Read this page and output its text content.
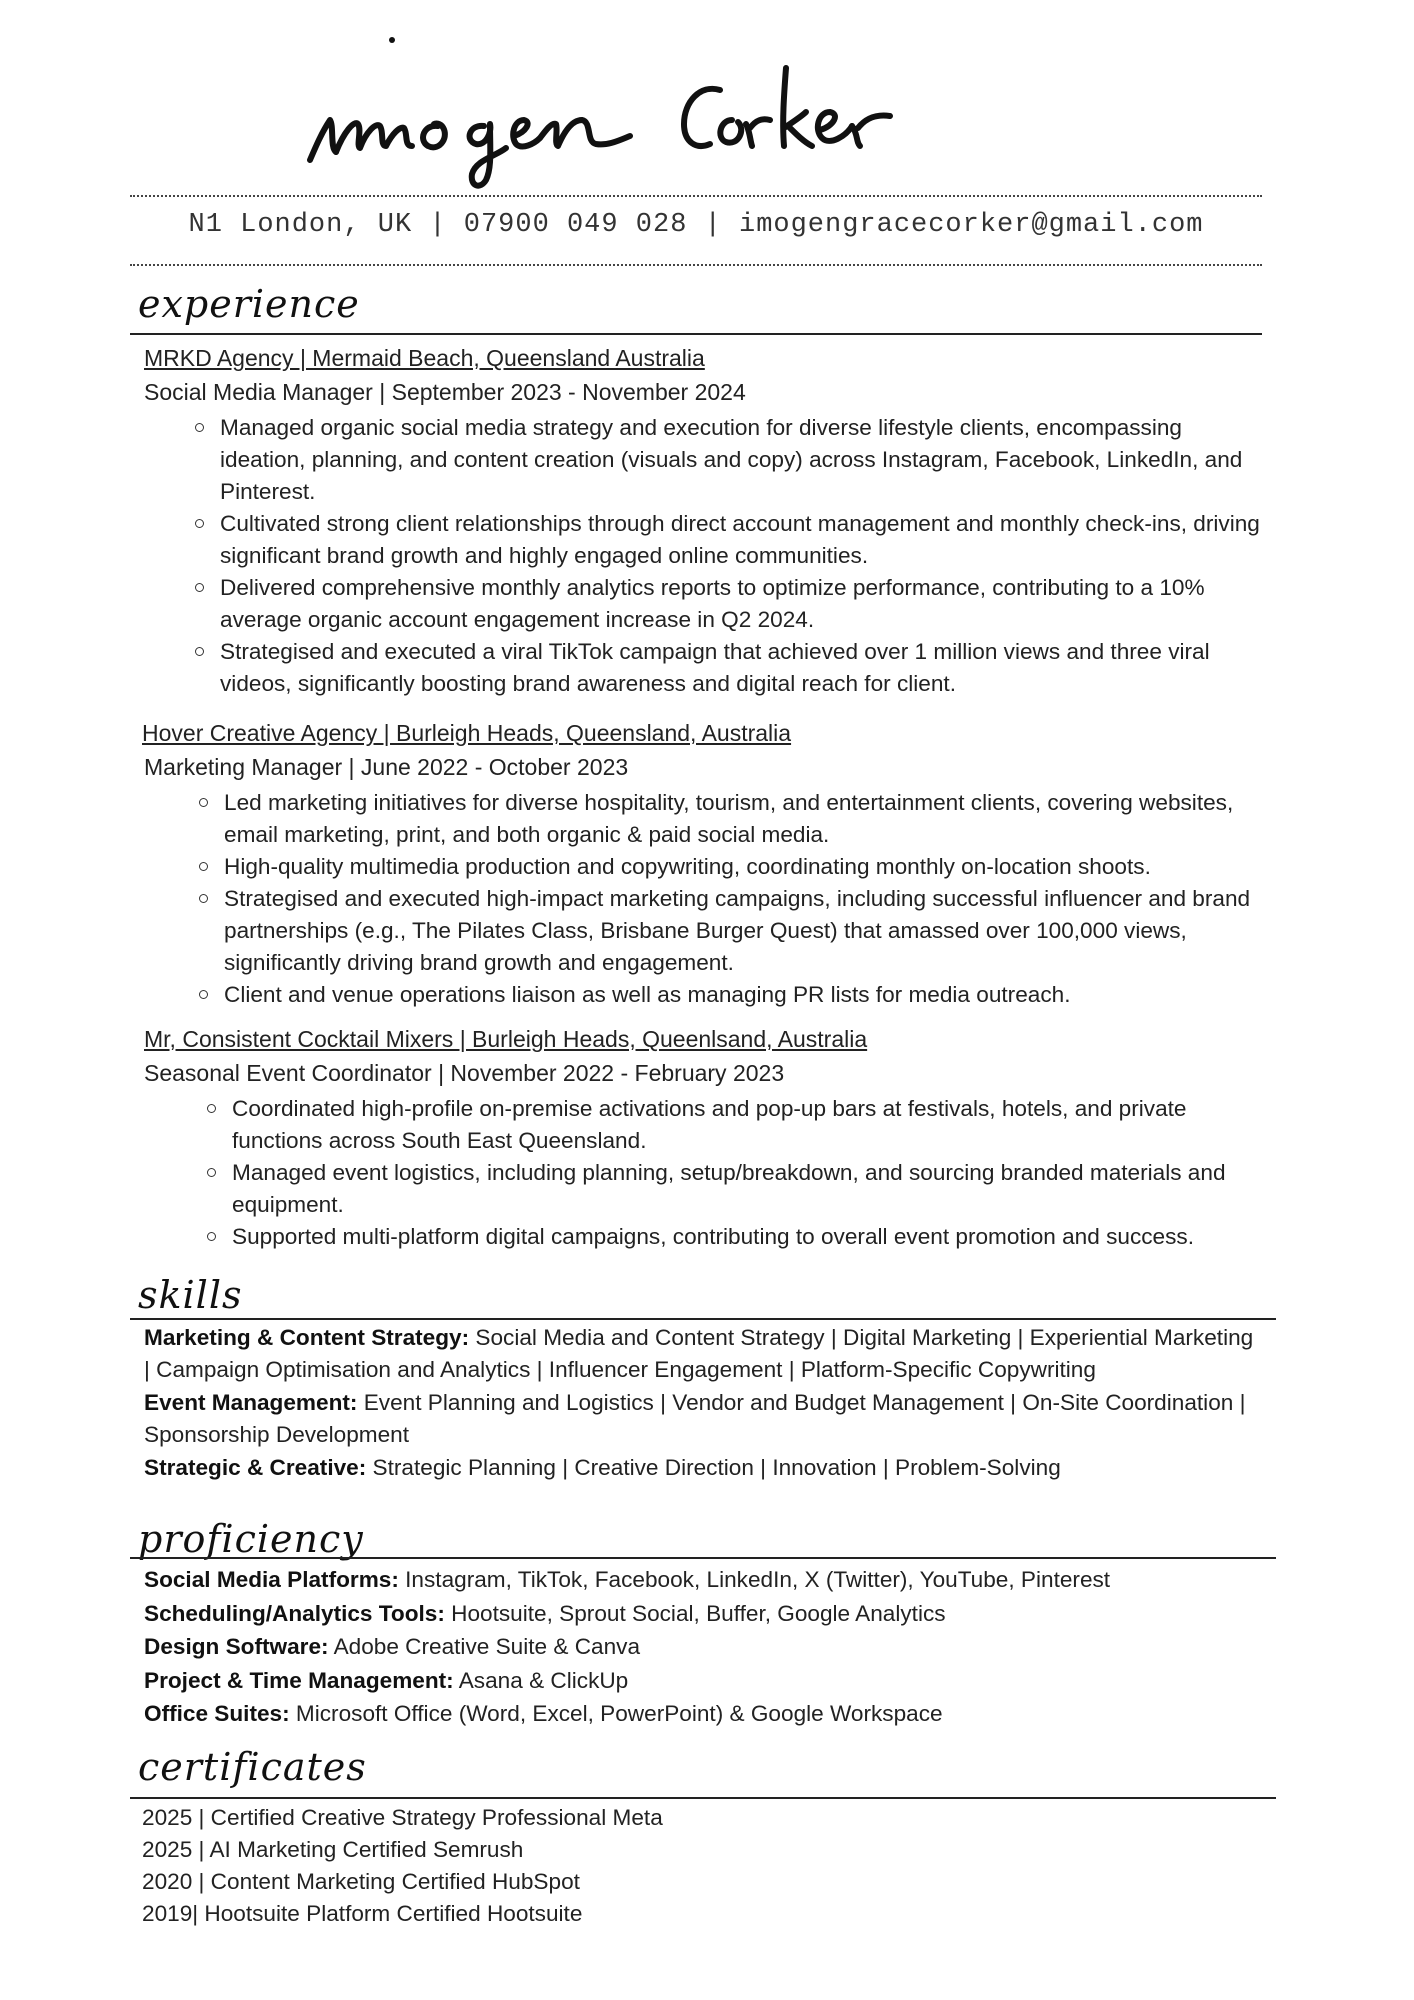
N1 London, UK | 07900 049 028 | imogengracecorker@gmail.com
experience
MRKD Agency | Mermaid Beach, Queensland Australia
Social Media Manager | September 2023 - November 2024
Managed organic social media strategy and execution for diverse lifestyle clients, encompassing ideation, planning, and content creation (visuals and copy) across Instagram, Facebook, LinkedIn, and Pinterest.
Cultivated strong client relationships through direct account management and monthly check-ins, driving significant brand growth and highly engaged online communities.
Delivered comprehensive monthly analytics reports to optimize performance, contributing to a 10% average organic account engagement increase in Q2 2024.
Strategised and executed a viral TikTok campaign that achieved over 1 million views and three viral videos, significantly boosting brand awareness and digital reach for client.
Hover Creative Agency | Burleigh Heads, Queensland, Australia
Marketing Manager | June 2022 - October 2023
Led marketing initiatives for diverse hospitality, tourism, and entertainment clients, covering websites, email marketing, print, and both organic & paid social media.
High-quality multimedia production and copywriting, coordinating monthly on-location shoots.
Strategised and executed high-impact marketing campaigns, including successful influencer and brand partnerships (e.g., The Pilates Class, Brisbane Burger Quest) that amassed over 100,000 views, significantly driving brand growth and engagement.
Client and venue operations liaison as well as managing PR lists for media outreach.
Mr, Consistent Cocktail Mixers | Burleigh Heads, Queenlsand, Australia
Seasonal Event Coordinator | November 2022 - February 2023
Coordinated high-profile on-premise activations and pop-up bars at festivals, hotels, and private functions across South East Queensland.
Managed event logistics, including planning, setup/breakdown, and sourcing branded materials and equipment.
Supported multi-platform digital campaigns, contributing to overall event promotion and success.
skills

Marketing & Content Strategy: Social Media and Content Strategy | Digital Marketing | Experiential Marketing | Campaign Optimisation and Analytics | Influencer Engagement | Platform-Specific Copywriting

Event Management: Event Planning and Logistics | Vendor and Budget Management | On-Site Coordination | Sponsorship Development

Strategic & Creative: Strategic Planning | Creative Direction | Innovation | Problem-Solving

proficiency

Social Media Platforms: Instagram, TikTok, Facebook, LinkedIn, X (Twitter), YouTube, Pinterest

Scheduling/Analytics Tools: Hootsuite, Sprout Social, Buffer, Google Analytics

Design Software: Adobe Creative Suite & Canva

Project & Time Management: Asana & ClickUp

Office Suites: Microsoft Office (Word, Excel, PowerPoint) & Google Workspace

certificates

2025 | Certified Creative Strategy Professional Meta

2025 | AI Marketing Certified Semrush

2020 | Content Marketing Certified HubSpot

2019| Hootsuite Platform Certified Hootsuite
